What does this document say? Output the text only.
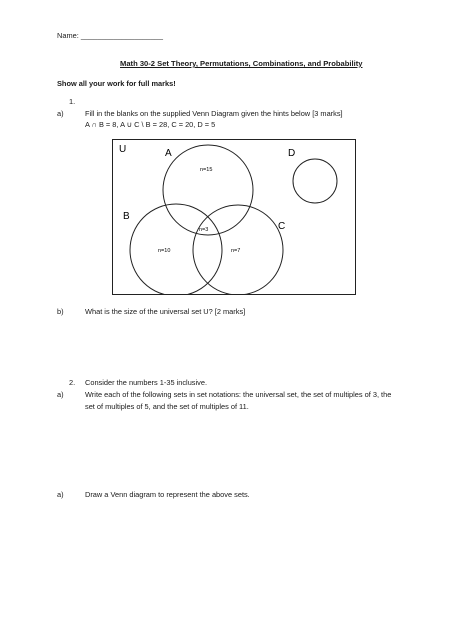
Name: ____________________
Math 30-2 Set Theory, Permutations, Combinations, and Probability
Show all your work for full marks!
1.
a)	Fill in the blanks on the supplied Venn Diagram given the hints below [3 marks]
A ∩ B = 8, A ∪ C \ B = 28, C = 20, D = 5
U	A
B
C
D
n=15
n=3
n=10	n=7
b)	What is the size of the universal set U? [2 marks]
2. Consider the numbers 1-35 inclusive.
a)	Write each of the following sets in set notations: the universal set, the set of multiples of 3, the
set of multiples of 5, and the set of multiples of 11.
a)	Draw a Venn diagram to represent the above sets.
